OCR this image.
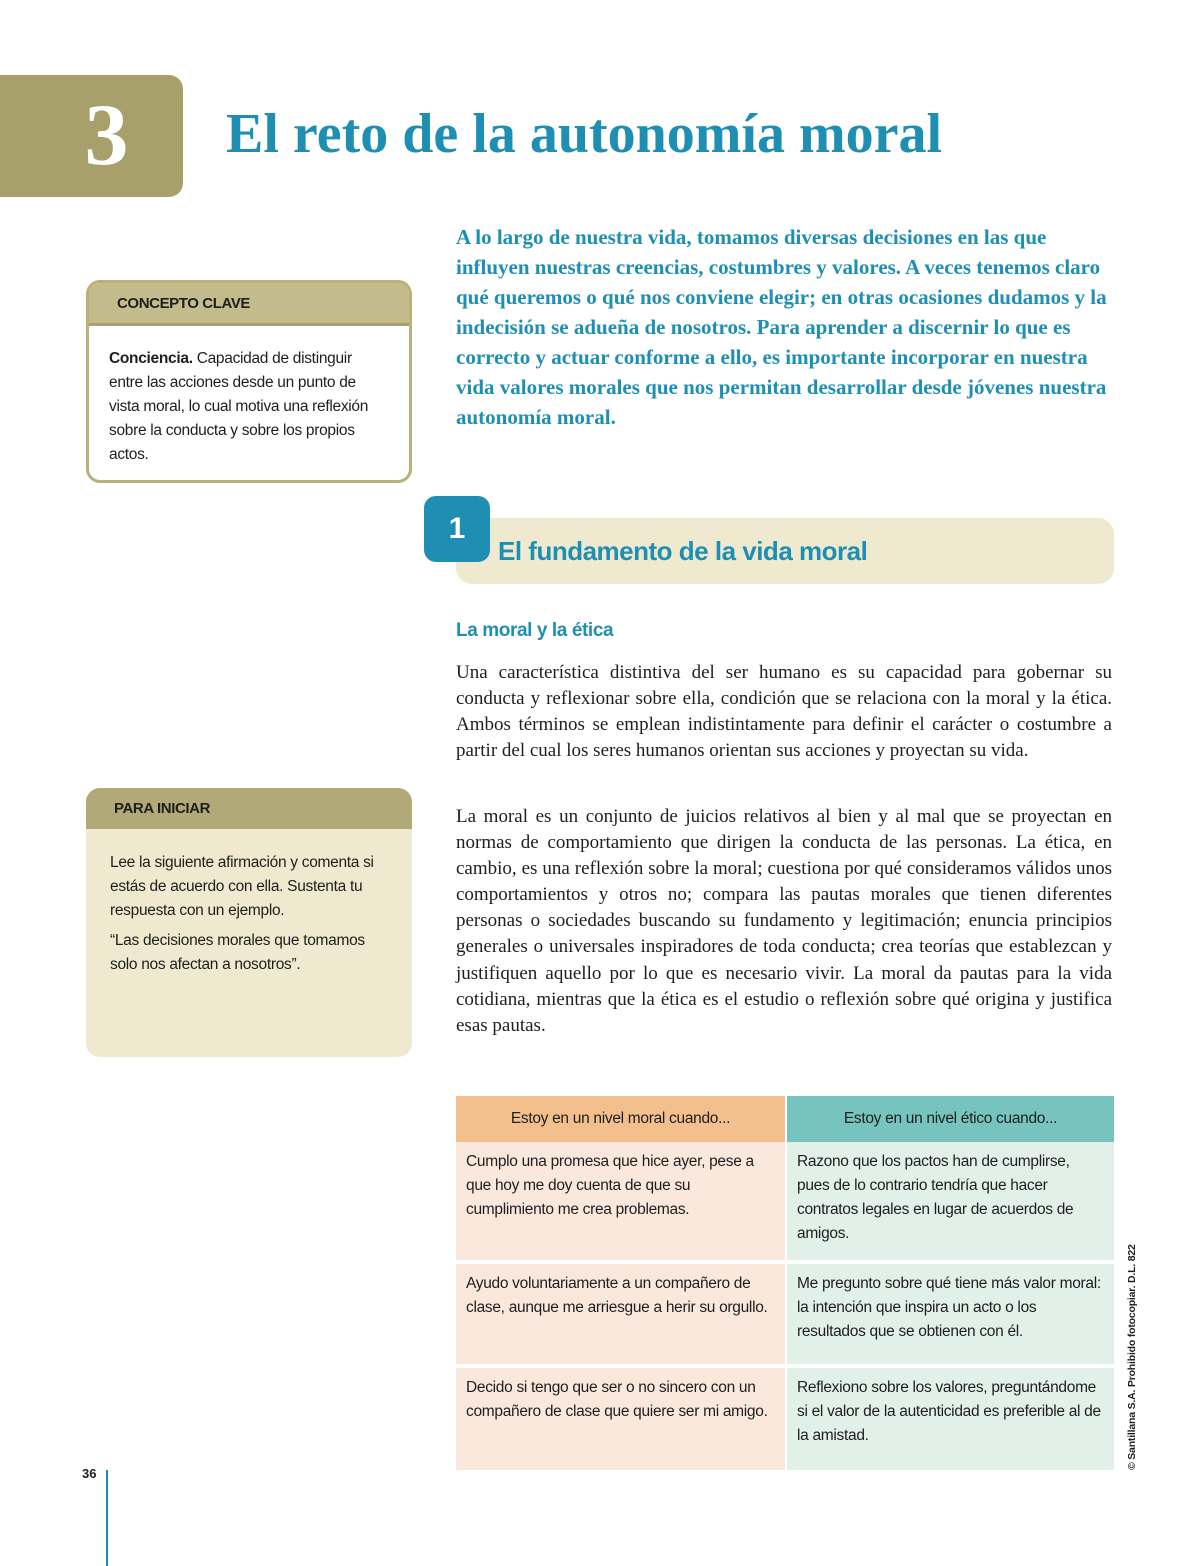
3	El reto de la autonomía moral

A lo largo de nuestra vida, tomamos diversas decisiones en las que influyen nuestras creencias, costumbres y valores. A veces tenemos claro qué queremos o qué nos conviene elegir; en otras ocasiones dudamos y la indecisión se adueña de nosotros. Para aprender a discernir lo que es correcto y actuar conforme a ello, es importante incorporar en nuestra vida valores morales que nos permitan desarrollar desde jóvenes nuestra autonomía moral.

CONCEPTO CLAVE
Conciencia. Capacidad de distinguir entre las acciones desde un punto de vista moral, lo cual motiva una reflexión sobre la conducta y sobre los propios actos.
PARA INICIAR

Lee la siguiente afirmación y comenta si estás de acuerdo con ella. Sustenta tu respuesta con un ejemplo.

“Las decisiones morales que tomamos solo nos afectan a nosotros”.

1
El fundamento de la vida moral
La moral y la ética

Una característica distintiva del ser humano es su capacidad para gobernar su conducta y reflexionar sobre ella, condición que se relaciona con la moral y la ética. Ambos términos se emplean indistintamente para definir el carácter o costumbre a partir del cual los seres humanos orientan sus acciones y proyectan su vida.

La moral es un conjunto de juicios relativos al bien y al mal que se proyectan en normas de comportamiento que dirigen la conducta de las personas. La ética, en cambio, es una reflexión sobre la moral; cuestiona por qué consideramos válidos unos comportamientos y otros no; compara las pautas morales que tienen diferentes personas o sociedades buscando su fundamento y legitimación; enuncia principios generales o universales inspiradores de toda conducta; crea teorías que establezcan y justifiquen aquello por lo que es necesario vivir. La moral da pautas para la vida cotidiana, mientras que la ética es el estudio o reflexión sobre qué origina y justifica esas pautas.

Estoy en un nivel moral cuando...	Estoy en un nivel ético cuando...
Cumplo una promesa que hice ayer, pese a que hoy me doy cuenta de que su cumplimiento me crea problemas.	Razono que los pactos han de cumplirse, pues de lo contrario tendría que hacer contratos legales en lugar de acuerdos de amigos.
Ayudo voluntariamente a un compañero de clase, aunque me arriesgue a herir su orgullo.	Me pregunto sobre qué tiene más valor moral: la intención que inspira un acto o los resultados que se obtienen con él.
Decido si tengo que ser o no sincero con un compañero de clase que quiere ser mi amigo.	Reflexiono sobre los valores, preguntándome si el valor de la autenticidad es preferible al de la amistad.
36
© Santillana S.A. Prohibido fotocopiar. D.L. 822
